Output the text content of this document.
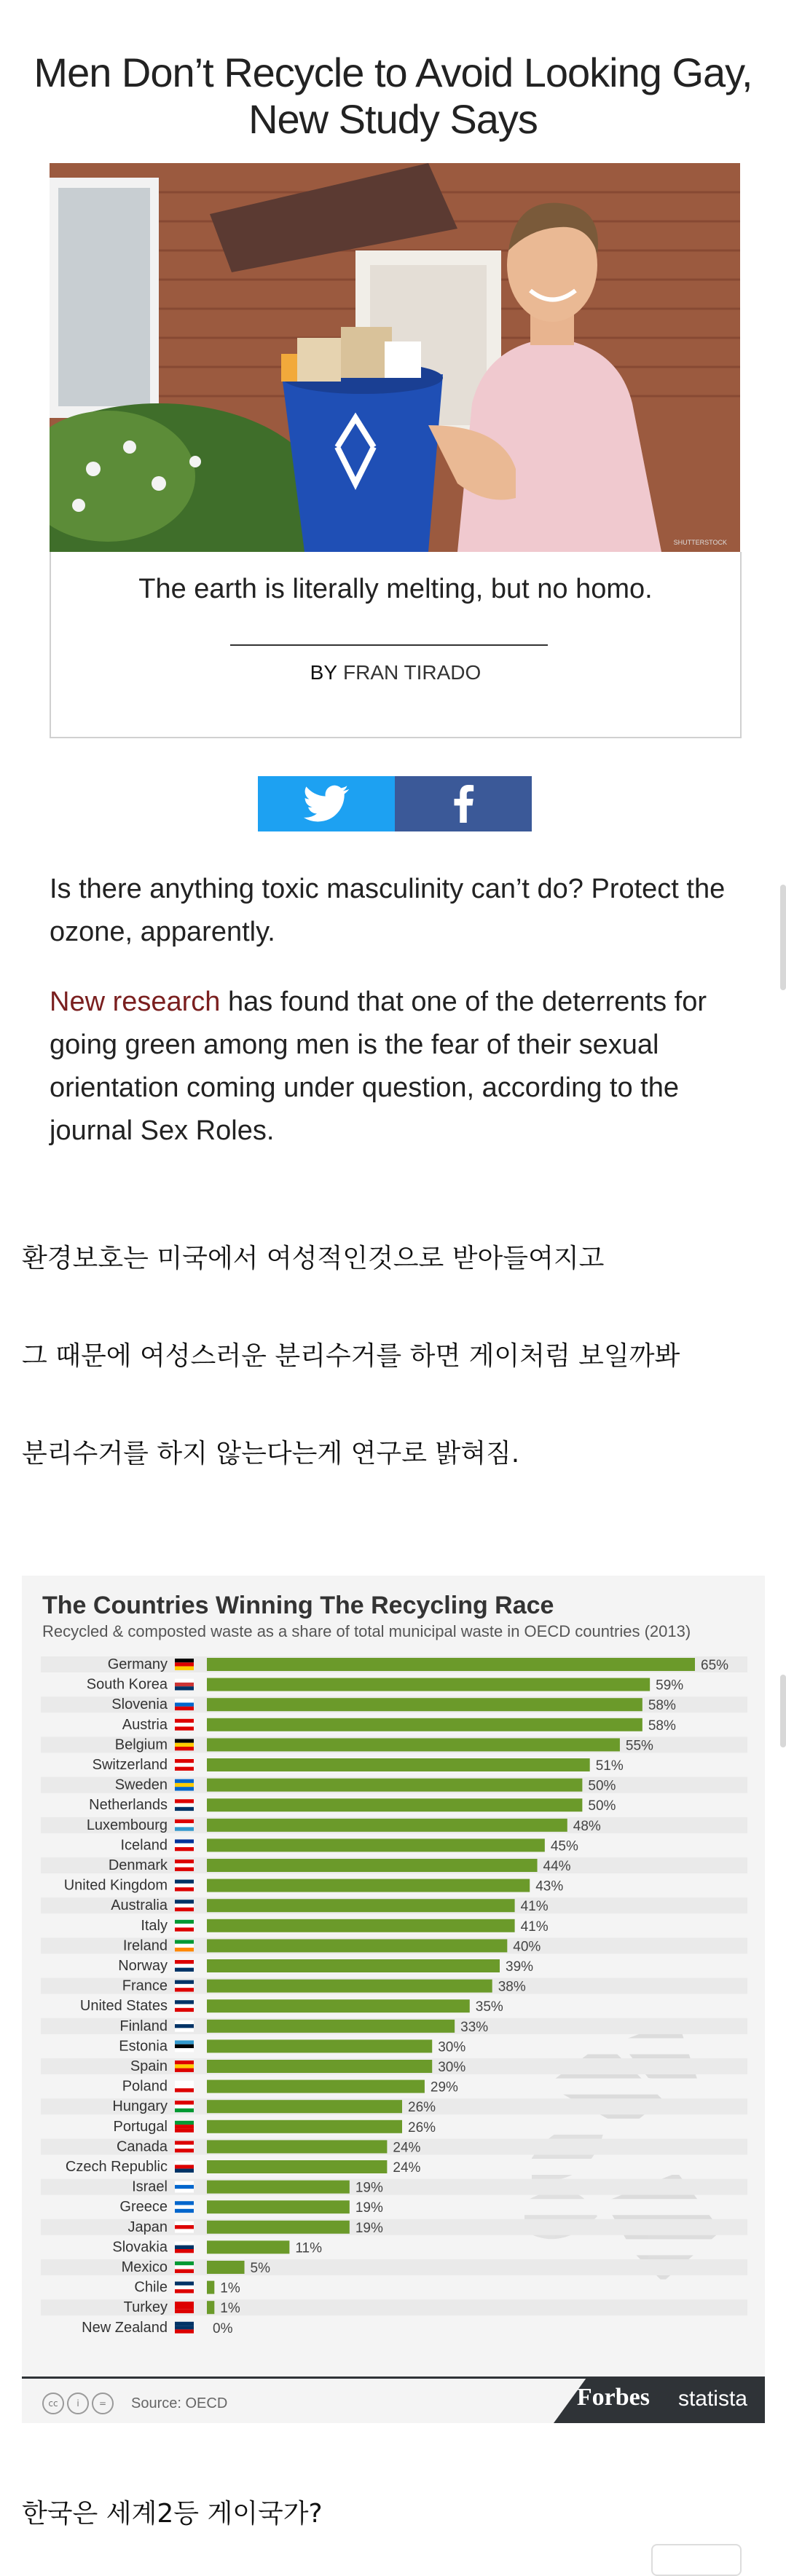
Men Don’t Recycle to Avoid Looking Gay,
New Study Says
SHUTTERSTOCK
The earth is literally melting, but no homo.
BY FRAN TIRADO
Is there anything toxic masculinity can’t do? Protect the ozone, apparently.
New research has found that one of the deterrents for going green among men is the fear of their sexual orientation coming under question, according to the journal Sex Roles.
환경보호는 미국에서 여성적인것으로 받아들여지고
그 때문에 여성스러운 분리수거를 하면 게이처럼 보일까봐
분리수거를 하지 않는다는게 연구로 밝혀짐.
The Countries Winning The Recycling Race
Recycled & composted waste as a share of total municipal waste in OECD countries (2013)
Germany	65%
South Korea	59%
Slovenia	58%
Austria	58%
Belgium	55%
Switzerland	51%
Sweden	50%
Netherlands	50%
Luxembourg	48%
Iceland	45%
Denmark	44%
United Kingdom	43%
Australia	41%
Italy	41%
Ireland	40%
Norway	39%
France	38%
United States	35%
Finland	33%
Estonia	30%
Spain	30%
Poland	29%
Hungary	26%
Portugal	26%
Canada	24%
Czech Republic	24%
Israel	19%
Greece	19%
Japan	19%
Slovakia	11%
Mexico	5%
Chile	1%
Turkey	1%
New Zealand	0%
cc	i	=	Source: OECD	Forbes statista
한국은 세계2등 게이국가?
